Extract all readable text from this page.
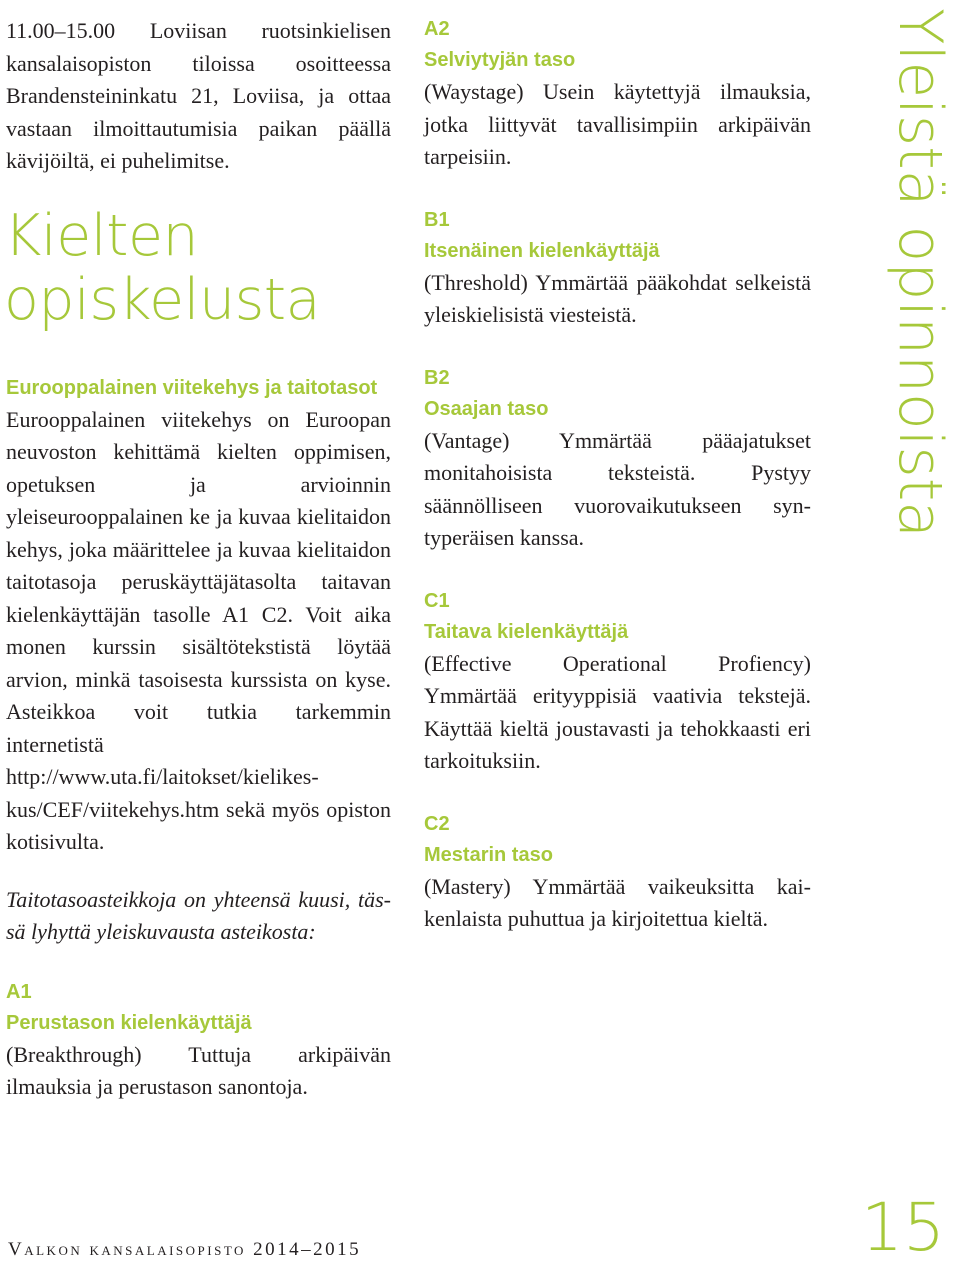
11.00–15.00 Loviisan ruotsinkielisen kansalaisopiston tiloissa osoitteessa Brandensteininkatu 21, Loviisa, ja ottaa vastaan ilmoittautumisia paikan päällä kävijöiltä, ei puhelimitse.

Kielten
opiskelusta

Eurooppalainen viitekehys ja taitotasot

Eurooppalainen viitekehys on Euroopan neuvoston kehittämä kielten oppimisen, opetuksen ja arvioinnin yleiseurooppalainen ke ja kuvaa kielitaidon kehys, joka määrittelee ja kuvaa kielitaidon taitotasoja peruskäyttäjätasolta taitavan kielenkäyttäjän tasolle A1 C2. Voit aika monen kurssin sisältötekstistä löytää arvion, minkä tasoisesta kurssista on kyse. Asteikkoa voit tutkia tarkemmin internetistä http://www.uta.fi/laitokset/kielikeskus/CEF/viitekehys.htm sekä myös opiston kotisivulta.

Taitotasoasteikkoja on yhteensä kuusi, tässä lyhyttä yleiskuvausta asteikosta:

A1

Perustason kielenkäyttäjä

(Breakthrough) Tuttuja arkipäivän ilmauksia ja perustason sanontoja.

A2

Selviytyjän taso

(Waystage) Usein käytettyjä ilmauksia, jotka liittyvät tavallisimpiin arkipäivän tarpeisiin.

B1

Itsenäinen kielenkäyttäjä

(Threshold) Ymmärtää pääkohdat selkeistä yleiskielisistä viesteistä.

B2

Osaajan taso

(Vantage) Ymmärtää pääajatukset monitahoisista teksteistä. Pystyy säännölliseen vuorovaikutukseen syntyperäisen kanssa.

C1

Taitava kielenkäyttäjä

(Effective Operational Profiency) Ymmärtää erityyppisiä vaativia tekstejä. Käyttää kieltä joustavasti ja tehokkaasti eri tarkoituksiin.

C2

Mestarin taso

(Mastery) Ymmärtää vaikeuksitta kaikenlaista puhuttua ja kirjoitettua kieltä.

Yleistä opinnoista
Valkon kansalaisopisto 2014–2015	15
